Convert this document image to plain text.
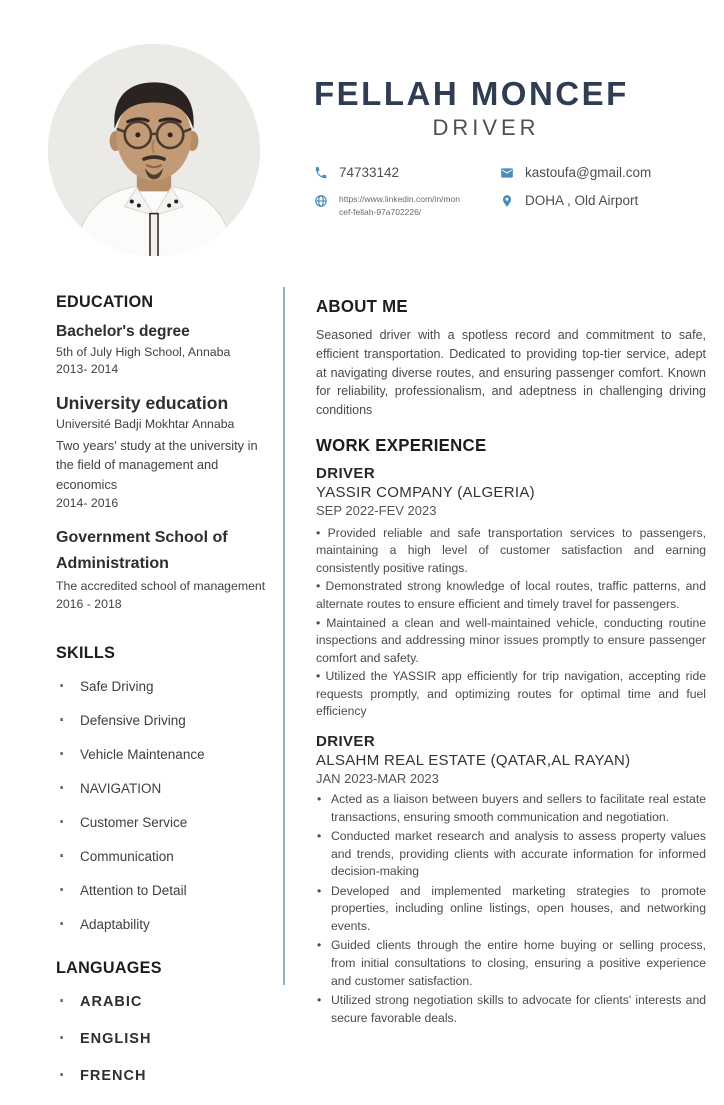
FELLAH MONCEF
DRIVER
74733142	kastoufa@gmail.com
https://www.linkedin.com/in/moncef-fellah-97a702226/
DOHA , Old Airport
EDUCATION
Bachelor's degree
5th of July High School, Annaba
2013- 2014
University education
Université Badji Mokhtar Annaba
Two years' study at the university in the field of management and economics
2014- 2016
Government School of Administration
The accredited school of management
2016 - 2018
SKILLS
· Safe Driving
· Defensive Driving
· Vehicle Maintenance
· NAVIGATION
· Customer Service
· Communication
· Attention to Detail
· Adaptability
LANGUAGES
· ARABIC
· ENGLISH
· FRENCH
ABOUT ME

Seasoned driver with a spotless record and commitment to safe, efficient transportation. Dedicated to providing top-tier service, adept at navigating diverse routes, and ensuring passenger comfort. Known for reliability, professionalism, and adeptness in challenging driving conditions

WORK EXPERIENCE
DRIVER
YASSIR COMPANY (ALGERIA)
SEP 2022-FEV 2023

• Provided reliable and safe transportation services to passengers, maintaining a high level of customer satisfaction and earning consistently positive ratings.

• Demonstrated strong knowledge of local routes, traffic patterns, and alternate routes to ensure efficient and timely travel for passengers.

• Maintained a clean and well-maintained vehicle, conducting routine inspections and addressing minor issues promptly to ensure passenger comfort and safety.

• Utilized the YASSIR app efficiently for trip navigation, accepting ride requests promptly, and optimizing routes for optimal time and fuel efficiency

DRIVER
ALSAHM REAL ESTATE (QATAR,AL RAYAN)
JAN 2023-MAR 2023
• Acted as a liaison between buyers and sellers to facilitate real estate transactions, ensuring smooth communication and negotiation.
• Conducted market research and analysis to assess property values and trends, providing clients with accurate information for informed decision-making
• Developed and implemented marketing strategies to promote properties, including online listings, open houses, and networking events.
• Guided clients through the entire home buying or selling process, from initial consultations to closing, ensuring a positive experience and customer satisfaction.
• Utilized strong negotiation skills to advocate for clients' interests and secure favorable deals.
